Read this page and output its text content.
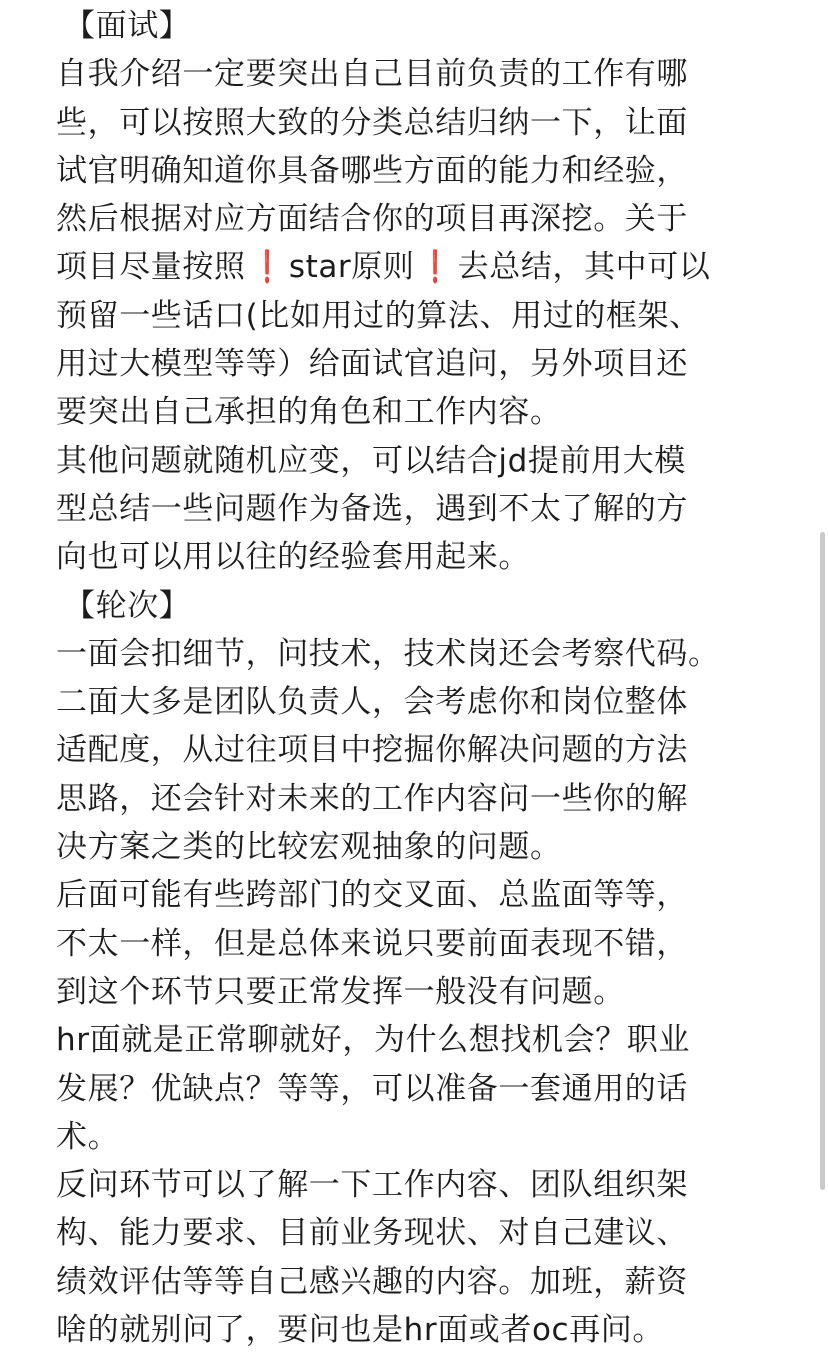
【面试】
自我介绍一定要突出自己目前负责的工作有哪
些，可以按照大致的分类总结归纳一下，让面
试官明确知道你具备哪些方面的能力和经验，
然后根据对应方面结合你的项目再深挖。关于
项目尽量按照 ❗ star原则 ❗ 去总结，其中可以
预留一些话口(比如用过的算法、用过的框架、
用过大模型等等）给面试官追问，另外项目还
要突出自己承担的角色和工作内容。
其他问题就随机应变，可以结合jd提前用大模
型总结一些问题作为备选，遇到不太了解的方
向也可以用以往的经验套用起来。
【轮次】
一面会扣细节，问技术，技术岗还会考察代码。
二面大多是团队负责人，会考虑你和岗位整体
适配度，从过往项目中挖掘你解决问题的方法
思路，还会针对未来的工作内容问一些你的解
决方案之类的比较宏观抽象的问题。
后面可能有些跨部门的交叉面、总监面等等，
不太一样，但是总体来说只要前面表现不错，
到这个环节只要正常发挥一般没有问题。
hr面就是正常聊就好，为什么想找机会？职业
发展？优缺点？等等，可以准备一套通用的话
术。
反问环节可以了解一下工作内容、团队组织架
构、能力要求、目前业务现状、对自己建议、
绩效评估等等自己感兴趣的内容。加班，薪资
啥的就别问了，要问也是hr面或者oc再问。
